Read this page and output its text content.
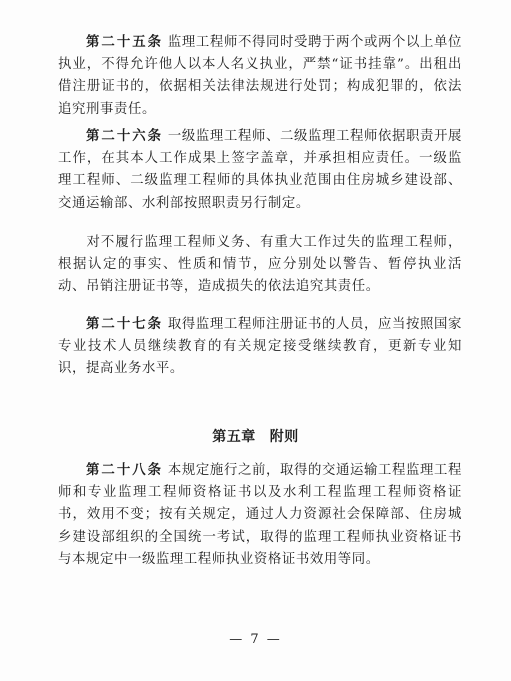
第二十五条 监理工程师不得同时受聘于两个或两个以上单位执业，不得允许他人以本人名义执业，严禁“证书挂靠”。出租出借注册证书的，依据相关法律法规进行处罚；构成犯罪的，依法追究刑事责任。

第二十六条 一级监理工程师、二级监理工程师依据职责开展工作，在其本人工作成果上签字盖章，并承担相应责任。一级监理工程师、二级监理工程师的具体执业范围由住房城乡建设部、交通运输部、水利部按照职责另行制定。

对不履行监理工程师义务、有重大工作过失的监理工程师，根据认定的事实、性质和情节，应分别处以警告、暂停执业活动、吊销注册证书等，造成损失的依法追究其责任。

第二十七条 取得监理工程师注册证书的人员，应当按照国家专业技术人员继续教育的有关规定接受继续教育，更新专业知识，提高业务水平。

第五章 附则

第二十八条 本规定施行之前，取得的交通运输工程监理工程师和专业监理工程师资格证书以及水利工程监理工程师资格证书，效用不变；按有关规定，通过人力资源社会保障部、住房城乡建设部组织的全国统一考试，取得的监理工程师执业资格证书与本规定中一级监理工程师执业资格证书效用等同。

— 7 —
